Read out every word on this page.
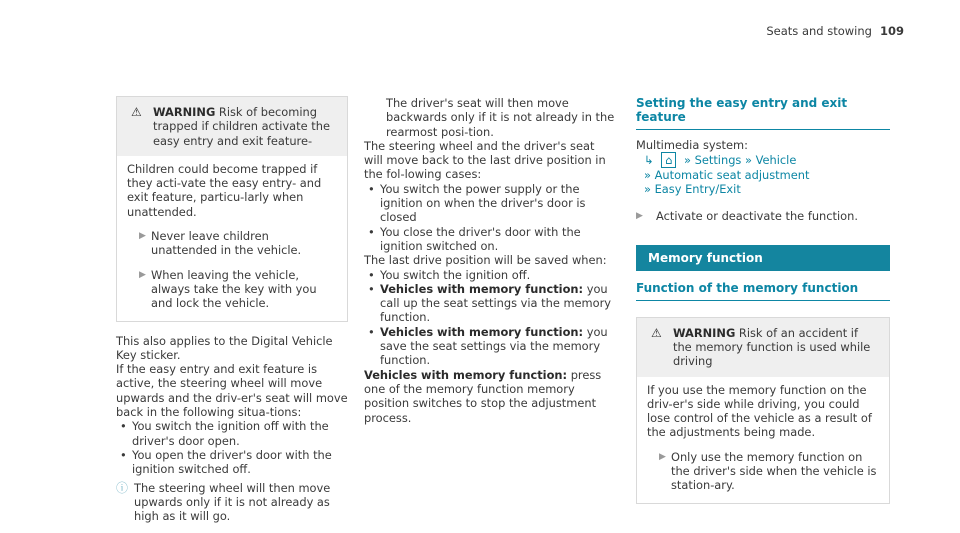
Seats and stowing 109
⚠ WARNING Risk of becoming trapped if children activate the easy entry and exit feature-

Children could become trapped if they acti-vate the easy entry- and exit feature, particu-larly when unattended.

▶ Never leave children unattended in the vehicle.
▶ When leaving the vehicle, always take the key with you and lock the vehicle.

This also applies to the Digital Vehicle Key sticker.

If the easy entry and exit feature is active, the steering wheel will move upwards and the driv-er's seat will move back in the following situa-tions:

• You switch the ignition off with the driver's door open.
• You open the driver's door with the ignition switched off.
ⓘ The steering wheel will then move upwards only if it is not already as high as it will go.

The driver's seat will then move backwards only if it is not already in the rearmost posi-tion.

The steering wheel and the driver's seat will move back to the last drive position in the fol-lowing cases:

• You switch the power supply or the ignition on when the driver's door is closed
• You close the driver's door with the ignition switched on.

The last drive position will be saved when:

• You switch the ignition off.
• Vehicles with memory function: you call up the seat settings via the memory function.
• Vehicles with memory function: you save the seat settings via the memory function.

Vehicles with memory function: press one of the memory function memory position switches to stop the adjustment process.

Setting the easy entry and exit feature

Multimedia system:

↳ ⌂ » Settings » Vehicle
» Automatic seat adjustment
» Easy Entry/Exit
▶	Activate or deactivate the function.
Memory function
Function of the memory function
⚠ WARNING Risk of an accident if the memory function is used while driving

If you use the memory function on the driv-er's side while driving, you could lose control of the vehicle as a result of the adjustments being made.

▶ Only use the memory function on the driver's side when the vehicle is station-ary.
